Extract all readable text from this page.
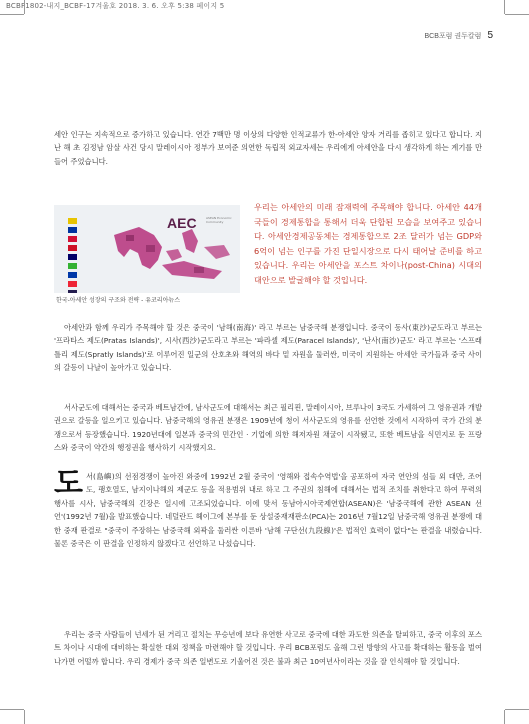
BCBF1802-내지_BCBF-17겨울호 2018. 3. 6. 오후 5:38 페이지 5
BCB포럼 권두칼럼 5

세안 인구는 지속적으로 증가하고 있습니다. 연간 7백만 명 이상의 다양한 인적교류가 한-아세안 양자 거리를 좁히고 있다고 합니다. 지난 해 초 김정남 암살 사건 당시 말레이시아 정부가 보여준 의연한 독립적 외교자세는 우리에게 아세안을 다시 생각하게 하는 계기를 만들어 주었습니다.

AEC	ASEAN Economic Community
한국-아세안 성장의 구조와 전략 - 유코리아뉴스

우리는 아세안의 미래 잠재력에 주목해야 합니다. 아세안 44개국들이 경제통합을 통해서 더욱 단합된 모습을 보여주고 있습니다. 아세안경제공동체는 경제통합으로 2조 달러가 넘는 GDP와 6억이 넘는 인구를 가진 단일시장으로 다시 태어날 준비를 하고 있습니다. 우리는 아세안을 포스트 차이나(post-China) 시대의 대안으로 발굴해야 할 것입니다.

아세안과 함께 우리가 주목해야 할 것은 중국이 '남해(南海)' 라고 부르는 남중국해 분쟁입니다. 중국이 동사(東沙)군도라고 부르는 '프라타스 제도(Pratas Islands)', 시사(西沙)군도라고 부르는 '파라셀 제도(Paracel Islands)', '난사(南沙)군도' 라고 부르는 '스프래틀리 제도(Spratly Islands)'로 이루어진 일군의 산호초와 해역의 바다 밑 자원을 둘러싼, 미국이 지원하는 아세안 국가들과 중국 사이의 갈등이 나날이 높아가고 있습니다.

서사군도에 대해서는 중국과 베트남간에, 남사군도에 대해서는 최근 필리핀, 말레이시아, 브루나이 3국도 가세하여 그 영유권과 개발권으로 갈등을 일으키고 있습니다. 남중국해의 영유권 분쟁은 1909년에 청이 서사군도의 영유를 선언한 것에서 시작하여 국가 간의 분쟁으로서 등장했습니다. 1920년대에 일본과 중국의 민간인 · 기업에 의한 해저자원 채굴이 시작됐고, 또한 베트남을 식민지로 둔 프랑스와 중국이 약간의 행정권을 행사하기 시작했지요.

도 서(島嶼)의 선점경쟁이 높아진 와중에 1992년 2월 중국이 '영해와 접속수역법'을 공포하여 자국 연안의 섬들 외 대만, 조어도, 팽호열도, 남지이나해의 제군도 등을 적용범위 내로 하고 그 주권의 침해에 대해서는 법적 조치를 취한다고 하여 무력의 행사를 시사, 남중국해의 긴장은 일시에 고조되었습니다. 이에 맞서 동남아시아국제연합(ASEAN)은 '남중국해에 관한 ASEAN 선언'(1992년 7월)을 발표했습니다. 네덜란드 헤이그에 본부를 둔 상설중재재판소(PCA)는 2016년 7월12일 남중국해 영유권 분쟁에 대한 중재 판결로 "중국이 주장하는 남중국해 외곽을 둘러싼 이른바 '남해 구단선(九段線)'은 법적인 효력이 없다"는 판결을 내렸습니다. 물론 중국은 이 판결을 인정하지 않겠다고 선언하고 나섰습니다.

우리는 중국 사람들이 넌세가 된 거리고 절치는 무승년에 보다 유연한 사고로 중국에 대한 과도한 의존을 탈피하고, 중국 이후의 포스트 차이나 시대에 대비하는 확실한 대외 정책을 마련해야 할 것입니다. 우리 BCB포럼도 올해 그런 방향의 사고를 확대하는 활동을 벌여나가면 어떨까 합니다. 우리 경제가 중국 의존 일변도로 기울어진 것은 불과 최근 10여년사이라는 것을 잘 인식해야 할 것입니다.
